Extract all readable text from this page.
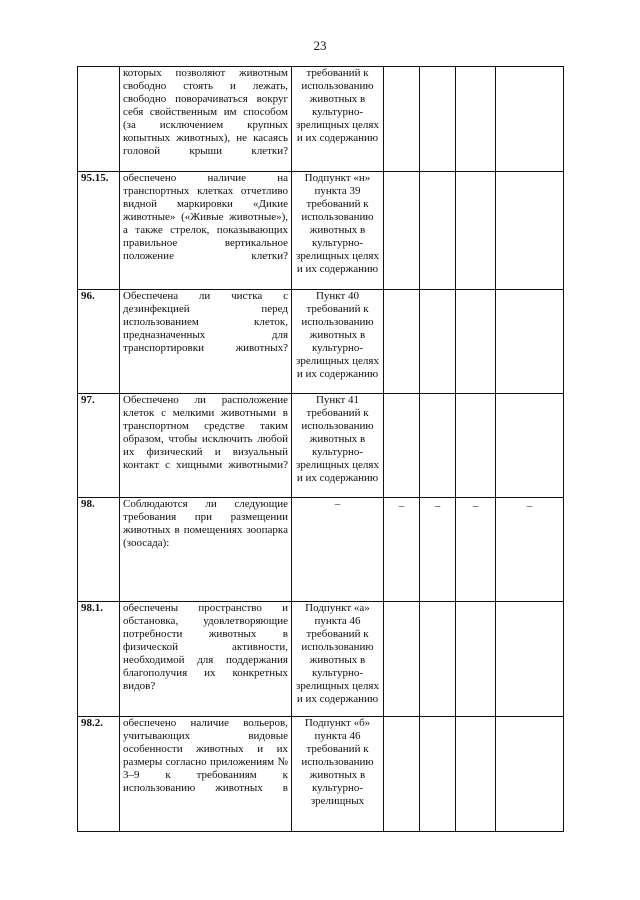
23
	которых позволяют животным свободно стоять и лежать, свободно поворачиваться вокруг себя свойственным им способом (за исключением крупных копытных животных), не касаясь головой крыши клетки?	требований к использованию животных в культурно-зрелищных целях и их содержанию				
95.15.	обеспечено наличие на транспортных клетках отчетливо видной маркировки «Дикие животные» («Живые животные»), а также стрелок, показывающих правильное вертикальное положение клетки?	Подпункт «н» пункта 39 требований к использованию животных в культурно-зрелищных целях и их содержанию				
96.	Обеспечена ли чистка с дезинфекцией перед использованием клеток, предназначенных для транспортировки животных?	Пункт 40 требований к использованию животных в культурно-зрелищных целях и их содержанию				
97.	Обеспечено ли расположение клеток с мелкими животными в транспортном средстве таким образом, чтобы исключить любой их физический и визуальный контакт с хищными животными?	Пункт 41 требований к использованию животных в культурно-зрелищных целях и их содержанию				
98.	Соблюдаются ли следующие требования при размещении животных в помещениях зоопарка (зоосада):	–	–	–	–	–
98.1.	обеспечены пространство и обстановка, удовлетворяющие потребности животных в физической активности, необходимой для поддержания благополучия их конкретных видов?	Подпункт «а» пункта 46 требований к использованию животных в культурно-зрелищных целях и их содержанию				
98.2.	обеспечено наличие вольеров, учитывающих видовые особенности животных и их размеры согласно приложениям № 3–9 к требованиям к использованию животных в	Подпункт «б» пункта 46 требований к использованию животных в культурно-зрелищных				
